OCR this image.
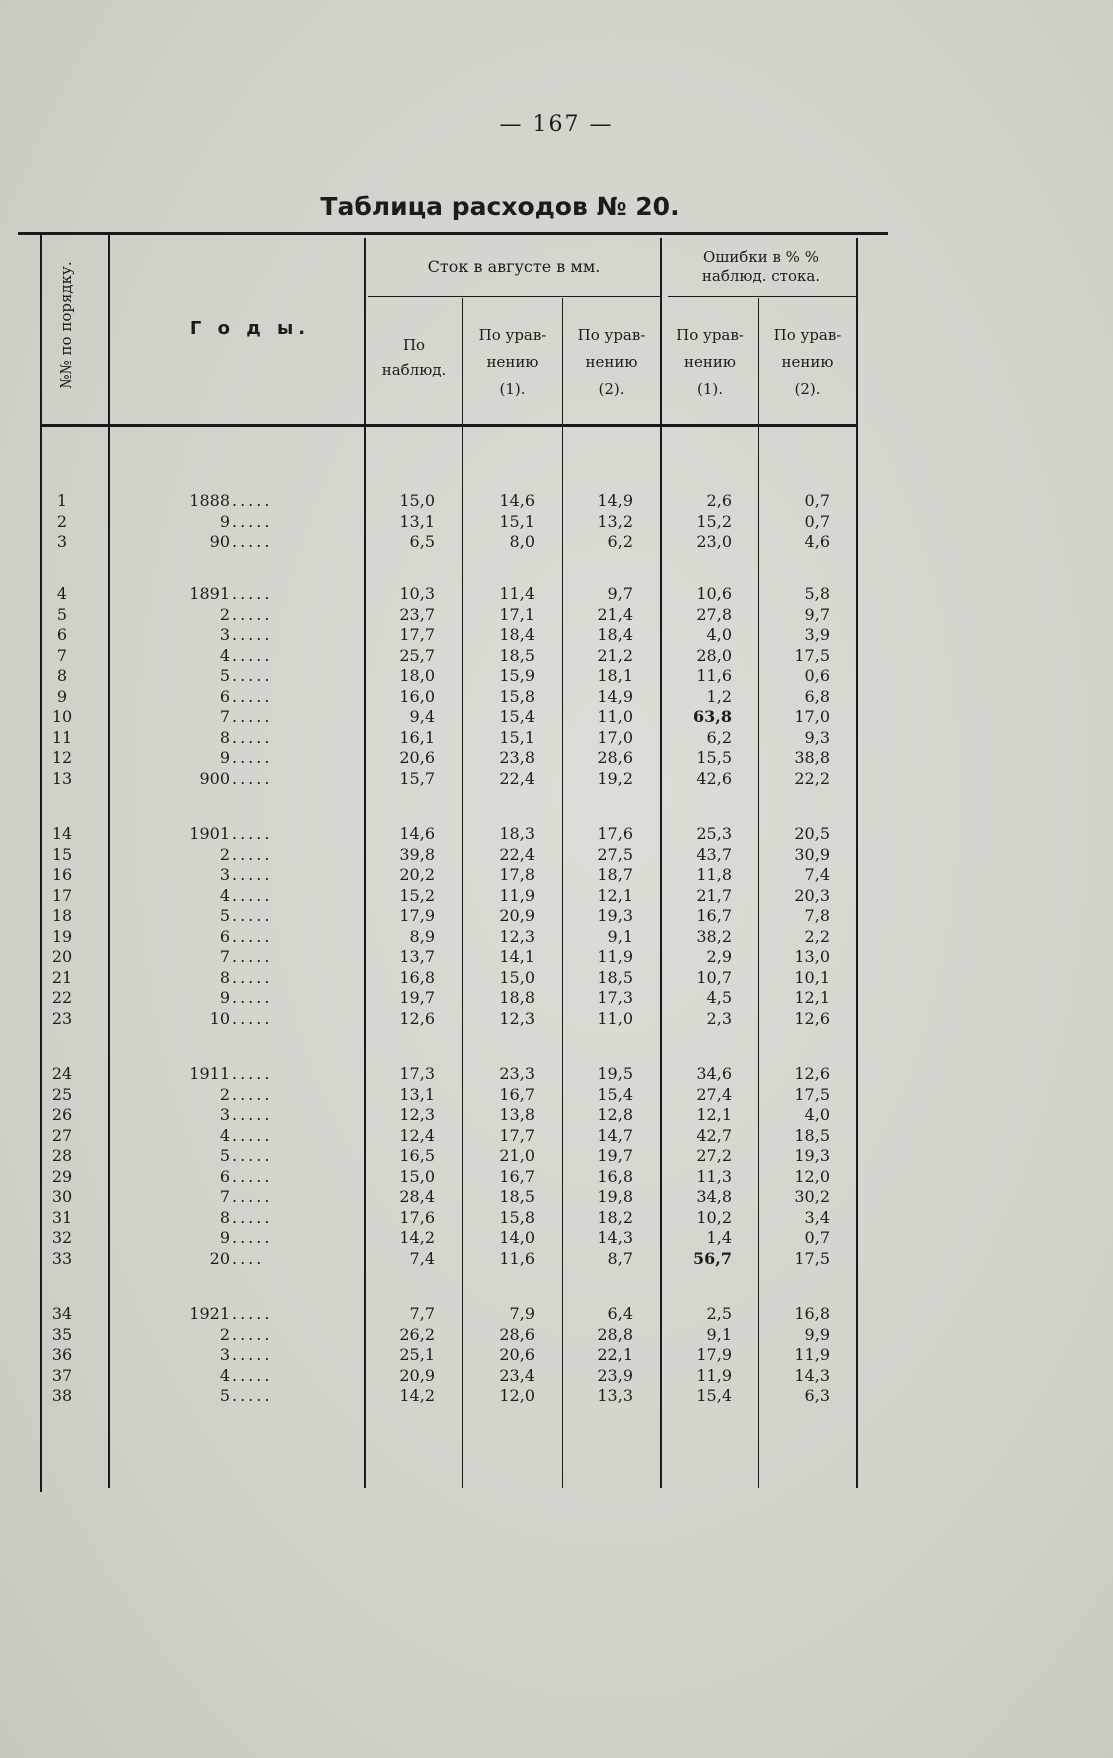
— 167 —
Таблица расходов № 20.
№№ по порядку.	Г о д ы.
Сток в августе в мм.	Ошибки в % %
наблюд. стока.
По
наблюд.
По урав-
нению
(1).
По урав-
нению
(2).
По урав-
нению
(1).
По урав-
нению
(2).
1	1888 .....	15,0	14,6	14,9	2,6	0,7
2	9 .....	13,1	15,1	13,2	15,2	0,7
3	90 .....	6,5	8,0	6,2	23,0	4,6
4	1891 .....	10,3	11,4	9,7	10,6	5,8
5	2 .....	23,7	17,1	21,4	27,8	9,7
6	3 .....	17,7	18,4	18,4	4,0	3,9
7	4 .....	25,7	18,5	21,2	28,0	17,5
8	5 .....	18,0	15,9	18,1	11,6	0,6
9	6 .....	16,0	15,8	14,9	1,2	6,8
10	7 .....	9,4	15,4	11,0	63,8	17,0
11	8 .....	16,1	15,1	17,0	6,2	9,3
12	9 .....	20,6	23,8	28,6	15,5	38,8
13	900 .....	15,7	22,4	19,2	42,6	22,2
14	1901 .....	14,6	18,3	17,6	25,3	20,5
15	2 .....	39,8	22,4	27,5	43,7	30,9
16	3 .....	20,2	17,8	18,7	11,8	7,4
17	4 .....	15,2	11,9	12,1	21,7	20,3
18	5 .....	17,9	20,9	19,3	16,7	7,8
19	6 .....	8,9	12,3	9,1	38,2	2,2
20	7 .....	13,7	14,1	11,9	2,9	13,0
21	8 .....	16,8	15,0	18,5	10,7	10,1
22	9 .....	19,7	18,8	17,3	4,5	12,1
23	10 .....	12,6	12,3	11,0	2,3	12,6
24	1911 .....	17,3	23,3	19,5	34,6	12,6
25	2 .....	13,1	16,7	15,4	27,4	17,5
26	3 .....	12,3	13,8	12,8	12,1	4,0
27	4 .....	12,4	17,7	14,7	42,7	18,5
28	5 .....	16,5	21,0	19,7	27,2	19,3
29	6 .....	15,0	16,7	16,8	11,3	12,0
30	7 .....	28,4	18,5	19,8	34,8	30,2
31	8 .....	17,6	15,8	18,2	10,2	3,4
32	9 .....	14,2	14,0	14,3	1,4	0,7
33	20 ....	7,4	11,6	8,7	56,7	17,5
34	1921 .....	7,7	7,9	6,4	2,5	16,8
35	2 .....	26,2	28,6	28,8	9,1	9,9
36	3 .....	25,1	20,6	22,1	17,9	11,9
37	4 .....	20,9	23,4	23,9	11,9	14,3
38	5 .....	14,2	12,0	13,3	15,4	6,3
